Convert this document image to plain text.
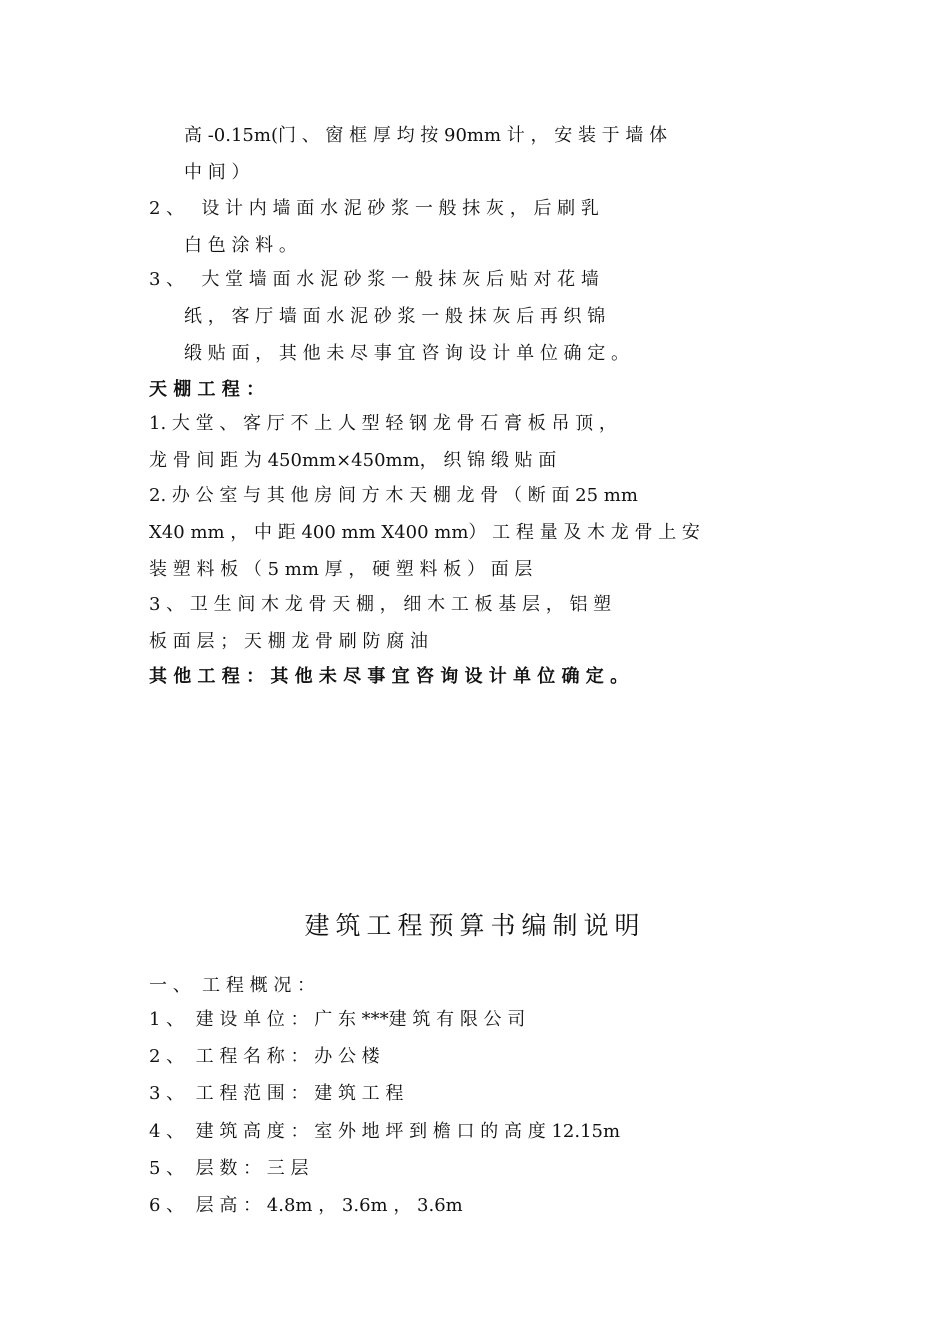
高 -0.15m(门 、 窗 框 厚 均 按 90mm 计 ， 安 装 于 墙 体
中 间 ）
2 、   设 计 内 墙 面 水 泥 砂 浆 一 般 抹 灰 ， 后 刷 乳
白 色 涂 料 。
3 、   大 堂 墙 面 水 泥 砂 浆 一 般 抹 灰 后 贴 对 花 墙
纸 ， 客 厅 墙 面 水 泥 砂 浆 一 般 抹 灰 后 再 织 锦
缎 贴 面 ， 其 他 未 尽 事 宜 咨 询 设 计 单 位 确 定 。
天 棚 工 程 ：
1. 大 堂 、 客 厅 不 上 人 型 轻 钢 龙 骨 石 膏 板 吊 顶 ，
龙 骨 间 距 为 450mm×450mm， 织 锦 缎 贴 面
2. 办 公 室 与 其 他 房 间 方 木 天 棚 龙 骨 （ 断 面 25 mm
X40 mm ， 中 距 400 mm X400 mm） 工 程 量 及 木 龙 骨 上 安
装 塑 料 板 （ 5 mm 厚 ， 硬 塑 料 板 ） 面 层
3 、 卫 生 间 木 龙 骨 天 棚 ， 细 木 工 板 基 层 ， 铝 塑
板 面 层 ； 天 棚 龙 骨 刷 防 腐 油
其 他 工 程 ： 其 他 未 尽 事 宜 咨 询 设 计 单 位 确 定 。
建筑工程预算书编制说明
一 、  工 程 概 况 ：
1 、  建 设 单 位 ： 广 东 ***建 筑 有 限 公 司
2 、  工 程 名 称 ： 办 公 楼
3 、  工 程 范 围 ： 建 筑 工 程
4 、  建 筑 高 度 ： 室 外 地 坪 到 檐 口 的 高 度 12.15m
5 、  层 数 ： 三 层
6 、  层 高 ： 4.8m ， 3.6m ， 3.6m
